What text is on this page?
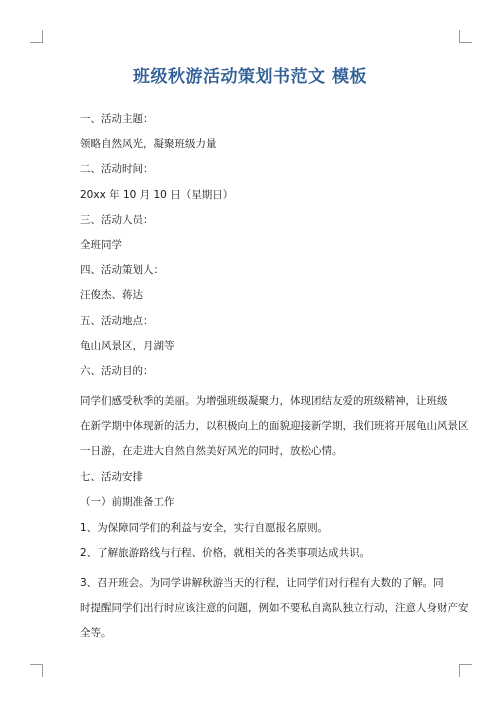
班级秋游活动策划书范文 模板
一、活动主题：
领略自然风光，凝聚班级力量
二、活动时间：
20xx 年 10 月 10 日（星期日）
三、活动人员：
全班同学
四、活动策划人：
汪俊杰、蒋达
五、活动地点：
龟山风景区，月湖等
六、活动目的：
同学们感受秋季的美丽。为增强班级凝聚力，体现团结友爱的班级精神，让班级
在新学期中体现新的活力，以积极向上的面貌迎接新学期，我们班将开展龟山风景区
一日游，在走进大自然自然美好风光的同时，放松心情。
七、活动安排
（一）前期准备工作
1、为保障同学们的利益与安全，实行自愿报名原则。
2、了解旅游路线与行程、价格，就相关的各类事项达成共识。
3、召开班会。为同学讲解秋游当天的行程，让同学们对行程有大数的了解。同
时提醒同学们出行时应该注意的问题，例如不要私自离队独立行动，注意人身财产安
全等。
